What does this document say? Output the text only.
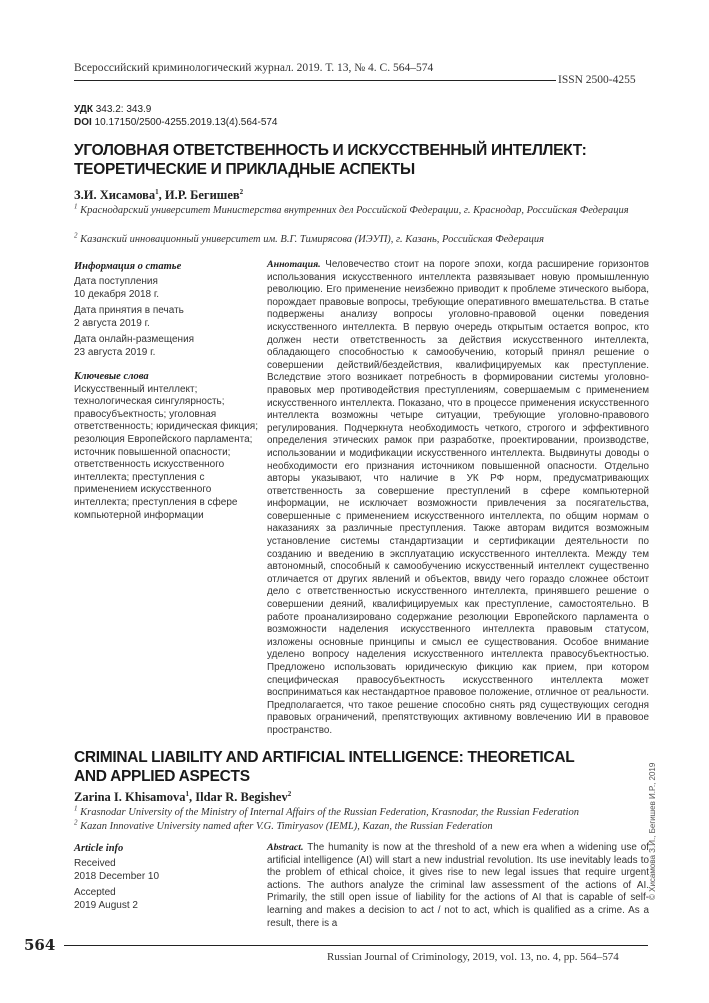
Всероссийский криминологический журнал. 2019. Т. 13, № 4. С. 564–574
ISSN 2500-4255
УДК 343.2: 343.9
DOI 10.17150/2500-4255.2019.13(4).564-574
УГОЛОВНАЯ ОТВЕТСТВЕННОСТЬ И ИСКУССТВЕННЫЙ ИНТЕЛЛЕКТ:
ТЕОРЕТИЧЕСКИЕ И ПРИКЛАДНЫЕ АСПЕКТЫ
З.И. Хисамова$^1$, И.Р. Бегишев$^2$
$^1$ Краснодарский университет Министерства внутренних дел Российской Федерации, г. Краснодар, Российская Федерация
$^2$ Казанский инновационный университет им. В.Г. Тимирясова (ИЭУП), г. Казань, Российская Федерация
Информация о статье
Дата поступления
10 декабря 2018 г.
Дата принятия в печать
2 августа 2019 г.
Дата онлайн-размещения
23 августа 2019 г.
Ключевые слова
Искусственный интеллект; технологическая сингулярность; правосубъектность; уголовная ответственность; юридическая фикция; резолюция Европейского парламента; источник повышенной опасности; ответственность искусственного интеллекта; преступления с применением искусственного интеллекта; преступления в сфере компьютерной информации
Аннотация. Человечество стоит на пороге эпохи, когда расширение горизонтов использования искусственного интеллекта развязывает новую промышленную революцию. Его применение неизбежно приводит к проблеме этического выбора, порождает правовые вопросы, требующие оперативного вмешательства. В статье подвержены анализу вопросы уголовно-правовой оценки поведения искусственного интеллекта. В первую очередь открытым остается вопрос, кто должен нести ответственность за действия искусственного интеллекта, обладающего способностью к самообучению, который принял решение о совершении действий/бездействия, квалифицируемых как преступление. Вследствие этого возникает потребность в формировании системы уголовно-правовых мер противодействия преступлениям, совершаемым с применением искусственного интеллекта. Показано, что в процессе применения искусственного интеллекта возможны четыре ситуации, требующие уголовно-правового регулирования. Подчеркнута необходимость четкого, строгого и эффективного определения этических рамок при разработке, проектировании, производстве, использовании и модификации искусственного интеллекта. Выдвинуты доводы о необходимости его признания источником повышенной опасности. Отдельно авторы указывают, что наличие в УК РФ норм, предусматривающих ответственность за совершение преступлений в сфере компьютерной информации, не исключает возможности привлечения за посягательства, совершенные с применением искусственного интеллекта, по общим нормам о наказаниях за различные преступления. Также авторам видится возможным установление системы стандартизации и сертификации деятельности по созданию и введению в эксплуатацию искусственного интеллекта. Между тем автономный, способный к самообучению искусственный интеллект существенно отличается от других явлений и объектов, ввиду чего гораздо сложнее обстоит дело с ответственностью искусственного интеллекта, принявшего решение о совершении деяний, квалифицируемых как преступление, самостоятельно. В работе проанализировано содержание резолюции Европейского парламента о возможности наделения искусственного интеллекта правовым статусом, изложены основные принципы и смысл ее существования. Особое внимание уделено вопросу наделения искусственного интеллекта правосубъектностью. Предложено использовать юридическую фикцию как прием, при котором специфическая правосубъектность искусственного интеллекта может восприниматься как нестандартное правовое положение, отличное от реальности. Предполагается, что такое решение способно снять ряд существующих сегодня правовых ограничений, препятствующих активному вовлечению ИИ в правовое пространство.
CRIMINAL LIABILITY AND ARTIFICIAL INTELLIGENCE: THEORETICAL
AND APPLIED ASPECTS
Zarina I. Khisamova$^1$, Ildar R. Begishev$^2$
$^1$ Krasnodar University of the Ministry of Internal Affairs of the Russian Federation, Krasnodar, the Russian Federation
$^2$ Kazan Innovative University named after V.G. Timiryasov (IEML), Kazan, the Russian Federation
Article info
Received
2018 December 10
Accepted
2019 August 2
Abstract. The humanity is now at the threshold of a new era when a widening use of artificial intelligence (AI) will start a new industrial revolution. Its use inevitably leads to the problem of ethical choice, it gives rise to new legal issues that require urgent actions. The authors analyze the criminal law assessment of the actions of AI. Primarily, the still open issue of liability for the actions of AI that is capable of self-learning and makes a decision to act / not to act, which is qualified as a crime. As a result, there is a
© Хисамова З.И., Бегишев И.Р., 2019
564
Russian Journal of Criminology, 2019, vol. 13, no. 4, pp. 564–574
